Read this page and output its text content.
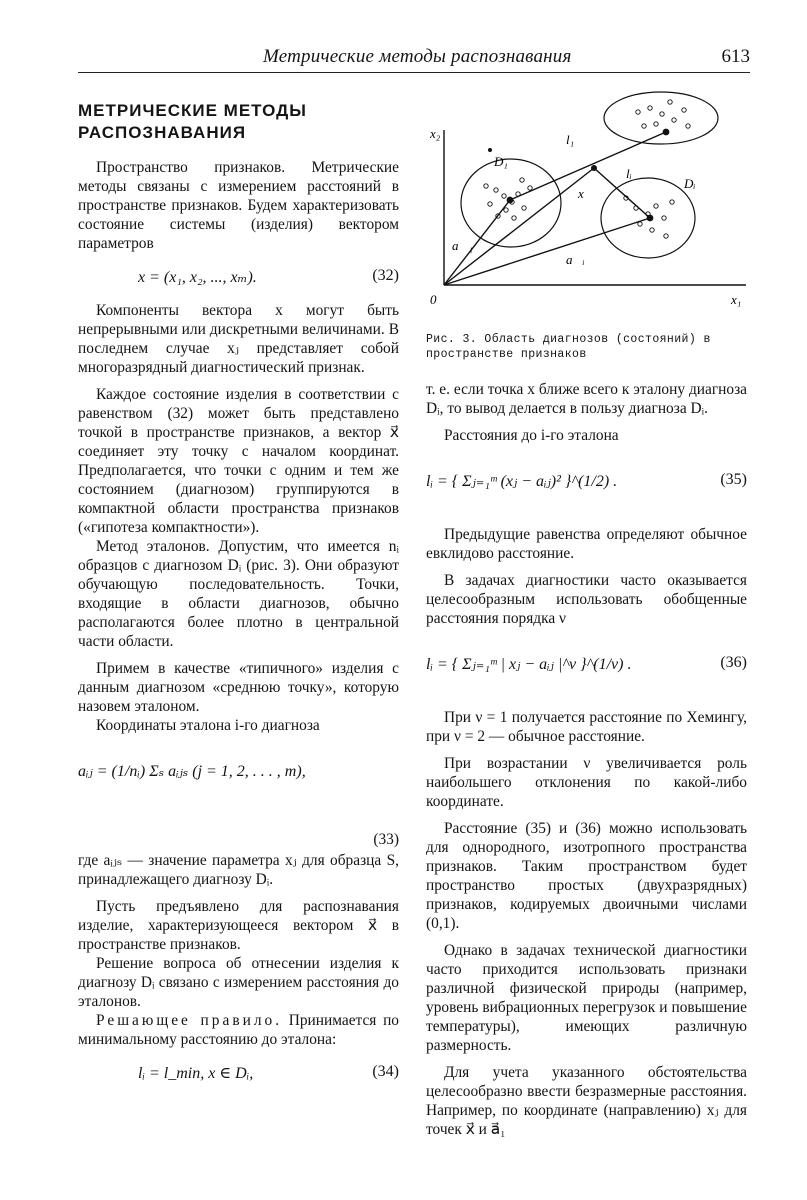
Метрические методы распознавания	613
МЕТРИЧЕСКИЕ МЕТОДЫ
РАСПОЗНАВАНИЯ

Пространство признаков. Метрические методы связаны с измерением расстояний в пространстве признаков. Будем характеризовать состояние системы (изделия) вектором параметров

x = (x₁, x₂, ..., xₘ).	(32)

Компоненты вектора x могут быть непрерывными или дискретными величинами. В последнем случае xⱼ представляет собой многоразрядный диагностический признак.

Каждое состояние изделия в соответствии с равенством (32) может быть представлено точкой в пространстве признаков, а вектор x⃗ соединяет эту точку с началом координат. Предполагается, что точки с одним и тем же состоянием (диагнозом) группируются в компактной области пространства признаков («гипотеза компактности»).

Метод эталонов. Допустим, что имеется nᵢ образцов с диагнозом Dᵢ (рис. 3). Они образуют обучающую последовательность. Точки, входящие в области диагнозов, обычно располагаются более плотно в центральной части области.

Примем в качестве «типичного» изделия с данным диагнозом «среднюю точку», которую назовем эталоном.

Координаты эталона i-го диагноза

aᵢⱼ = (1/nᵢ) Σₛ aᵢⱼₛ (j = 1, 2, . . . , m),
(33)

где aᵢⱼₛ — значение параметра xⱼ для образца S, принадлежащего диагнозу Dᵢ.

Пусть предъявлено для распознавания изделие, характеризующееся вектором x⃗ в пространстве признаков.

Решение вопроса об отнесении изделия к диагнозу Dᵢ связано с измерением расстояния до эталонов.

Решающее правило. Принимается по минимальному расстоянию до эталона:

lᵢ = l_min, x ∈ Dᵢ,	(34)
x₂
x₁
0
l₁
lᵢ
D₁
Dᵢ
a⃗₁
a⃗ᵢ
x⃗
Рис. 3. Область диагнозов (состояний) в пространстве признаков

т. е. если точка x ближе всего к эталону диагноза Dᵢ, то вывод делается в пользу диагноза Dᵢ.

Расстояния до i-го эталона

lᵢ = { Σⱼ₌₁ᵐ (xⱼ − aᵢⱼ)² }^(1/2) .	(35)

Предыдущие равенства определяют обычное евклидово расстояние.

В задачах диагностики часто оказывается целесообразным использовать обобщенные расстояния порядка ν

lᵢ = { Σⱼ₌₁ᵐ | xⱼ − aᵢⱼ |^ν }^(1/ν) .	(36)

При ν = 1 получается расстояние по Хемингу, при ν = 2 — обычное расстояние.

При возрастании ν увеличивается роль наибольшего отклонения по какой-либо координате.

Расстояние (35) и (36) можно использовать для однородного, изотропного пространства признаков. Таким пространством будет пространство простых (двухразрядных) признаков, кодируемых двоичными числами (0,1).

Однако в задачах технической диагностики часто приходится использовать признаки различной физической природы (например, уровень вибрационных перегрузок и повышение температуры), имеющих различную размерность.

Для учета указанного обстоятельства целесообразно ввести безразмерные расстояния. Например, по координате (направлению) xⱼ для точек x⃗ и a⃗₁
